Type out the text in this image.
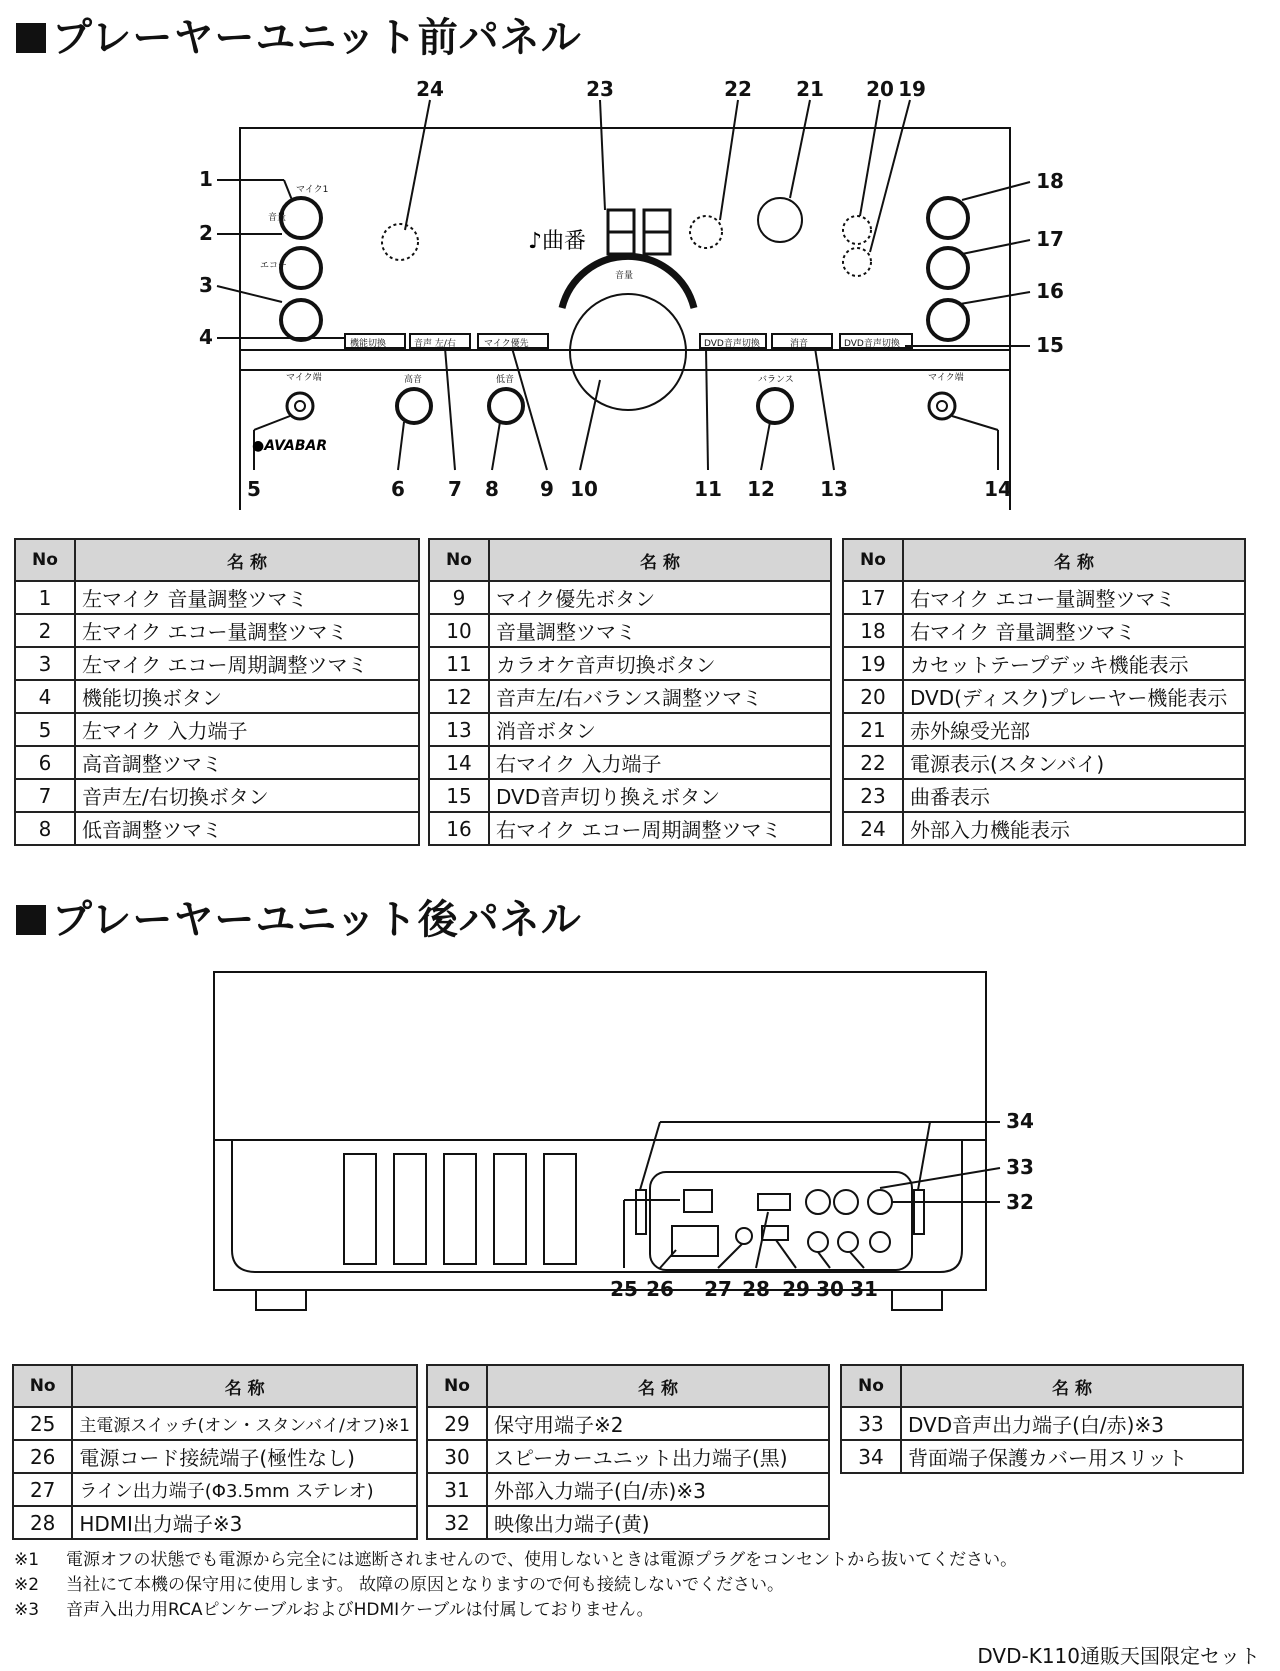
プレーヤーユニット前パネル
マイク1
音量
エコー
機能切換	音声 左/右	マイク優先
♪曲番
音量
DVD音声切換	消音	DVD音声切換
マイク端	高音	低音	バランス	マイク端
●AVABAR
1
2
3
4
5	6 7 8 9 10	11 12 13	14
15
16
17
18
19
20
21
22
23
24
No	名 称
1	左マイク 音量調整ツマミ
2	左マイク エコー量調整ツマミ
3	左マイク エコー周期調整ツマミ
4	機能切換ボタン
5	左マイク 入力端子
6	高音調整ツマミ
7	音声左/右切換ボタン
8	低音調整ツマミ
No	名 称
9	マイク優先ボタン
10	音量調整ツマミ
11	カラオケ音声切換ボタン
12	音声左/右バランス調整ツマミ
13	消音ボタン
14	右マイク 入力端子
15	DVD音声切り換えボタン
16	右マイク エコー周期調整ツマミ
No	名 称
17	右マイク エコー量調整ツマミ
18	右マイク 音量調整ツマミ
19	カセットテープデッキ機能表示
20	DVD(ディスク)プレーヤー機能表示
21	赤外線受光部
22	電源表示(スタンバイ)
23	曲番表示
24	外部入力機能表示
プレーヤーユニット後パネル
25 26 27 28 29 30 31
32
33
34
No	名 称
25	主電源スイッチ(オン・スタンバイ/オフ)※1
26	電源コード接続端子(極性なし)
27	ライン出力端子(Φ3.5mm ステレオ)
28	HDMI出力端子※3
No	名 称
29	保守用端子※2
30	スピーカーユニット出力端子(黒)
31	外部入力端子(白/赤)※3
32	映像出力端子(黄)
No	名 称
33	DVD音声出力端子(白/赤)※3
34	背面端子保護カバー用スリット
※1 電源オフの状態でも電源から完全には遮断されませんので、使用しないときは電源プラグをコンセントから抜いてください。
※2 当社にて本機の保守用に使用します。 故障の原因となりますので何も接続しないでください。
※3 音声入出力用RCAピンケーブルおよびHDMIケーブルは付属しておりません。
DVD-K110通販天国限定セット
